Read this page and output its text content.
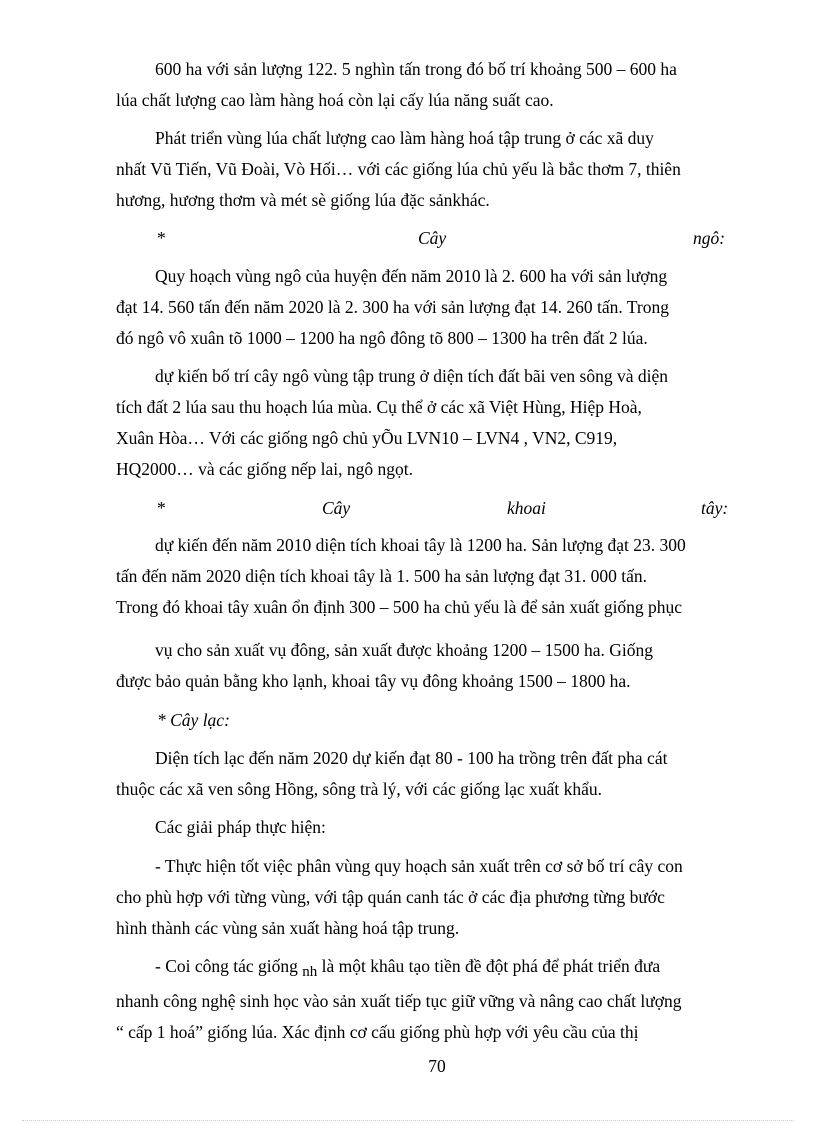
600 ha với sản lượng 122. 5 nghìn tấn trong đó bố trí khoảng 500 – 600 ha
lúa chất lượng cao làm hàng hoá còn lại cấy lúa năng suất cao.
Phát triển vùng lúa chất lượng cao làm hàng hoá tập trung ở các xã duy
nhất Vũ Tiến, Vũ Đoài, Vò Hối… với các giống lúa chủ yếu là bắc thơm 7, thiên
hương, hương thơm và mét sè giống lúa đặc sảnkhác.
*	Cây	ngô:
Quy hoạch vùng ngô của huyện đến năm 2010 là 2. 600 ha với sản lượng
đạt 14. 560 tấn đến năm 2020 là 2. 300 ha với sản lượng đạt 14. 260 tấn. Trong
đó ngô vô xuân tõ 1000 – 1200 ha ngô đông tõ 800 – 1300 ha trên đất 2 lúa.
dự kiến bố trí cây ngô vùng tập trung ở diện tích đất bãi ven sông và diện
tích đất 2 lúa sau thu hoạch lúa mùa. Cụ thể ở các xã Việt Hùng, Hiệp Hoà,
Xuân Hòa… Với các giống ngô chủ yÕu LVN10 – LVN4 , VN2, C919,
HQ2000… và các giống nếp lai, ngô ngọt.
*	Cây	khoai	tây:
dự kiến đến năm 2010 diện tích khoai tây là 1200 ha. Sản lượng đạt 23. 300
tấn đến năm 2020 diện tích khoai tây là 1. 500 ha sản lượng đạt 31. 000 tấn.
Trong đó khoai tây xuân ổn định 300 – 500 ha chủ yếu là để sản xuất giống phục
vụ cho sản xuất vụ đông, sản xuất được khoảng 1200 – 1500 ha. Giống
được bảo quản bằng kho lạnh, khoai tây vụ đông khoảng 1500 – 1800 ha.
* Cây lạc:
Diện tích lạc đến năm 2020 dự kiến đạt 80 - 100 ha trồng trên đất pha cát
thuộc các xã ven sông Hồng, sông trà lý, với các giống lạc xuất khẩu.
Các giải pháp thực hiện:
- Thực hiện tốt việc phân vùng quy hoạch sản xuất trên cơ sở bố trí cây con
cho phù hợp với từng vùng, với tập quán canh tác ở các địa phương từng bước
hình thành các vùng sản xuất hàng hoá tập trung.
- Coi công tác giống nh là một khâu tạo tiền đề đột phá để phát triển đưa
nhanh công nghệ sinh học vào sản xuất tiếp tục giữ vững và nâng cao chất lượng
“ cấp 1 hoá” giống lúa. Xác định cơ cấu giống phù hợp với yêu cầu của thị
70
